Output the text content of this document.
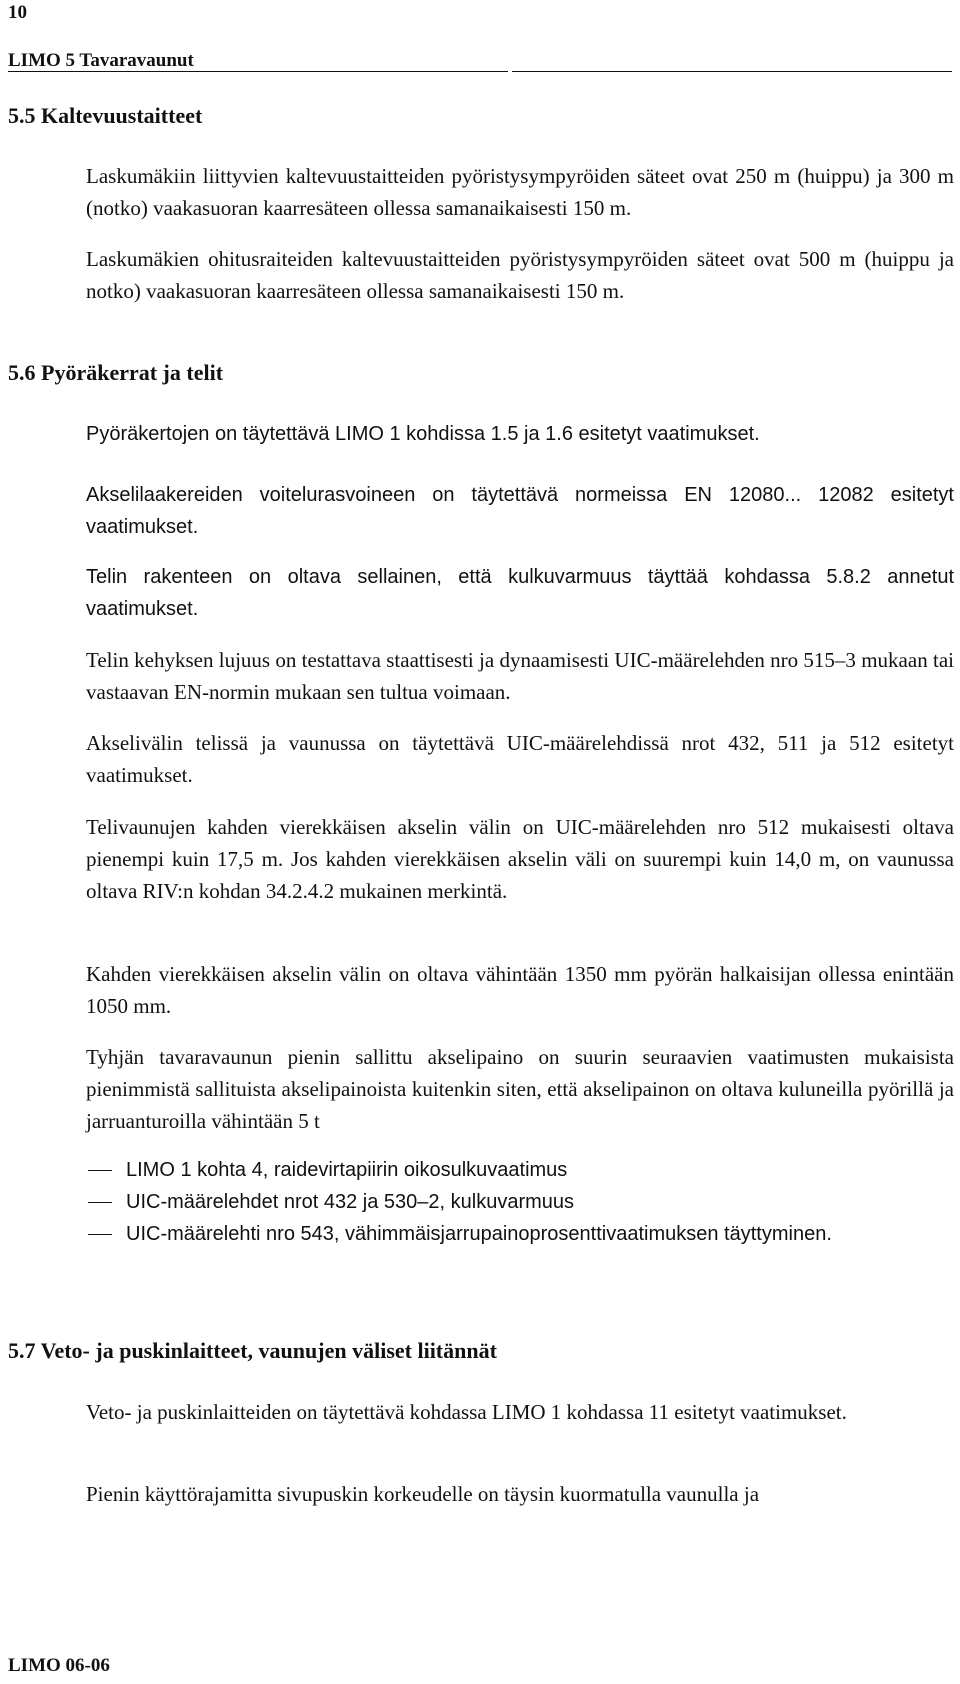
10
LIMO 5 Tavaravaunut
5.5 Kaltevuustaitteet

Laskumäkiin liittyvien kaltevuustaitteiden pyöristysympyröiden säteet ovat 250 m (huippu) ja 300 m (notko) vaakasuoran kaarresäteen ollessa samanaikaisesti 150 m.

Laskumäkien ohitusraiteiden kaltevuustaitteiden pyöristysympyröiden säteet ovat 500 m (huippu ja notko) vaakasuoran kaarresäteen ollessa samanaikaisesti 150 m.

5.6 Pyöräkerrat ja telit

Pyöräkertojen on täytettävä LIMO 1 kohdissa 1.5 ja 1.6 esitetyt vaatimukset.

Akselilaakereiden voitelurasvoineen on täytettävä normeissa EN 12080... 12082 esitetyt vaatimukset.

Telin rakenteen on oltava sellainen, että kulkuvarmuus täyttää kohdassa 5.8.2 annetut vaatimukset.

Telin kehyksen lujuus on testattava staattisesti ja dynaamisesti UIC-määrelehden nro 515–3 mukaan tai vastaavan EN-normin mukaan sen tultua voimaan.

Akselivälin telissä ja vaunussa on täytettävä UIC-määrelehdissä nrot 432, 511 ja 512 esitetyt vaatimukset.

Telivaunujen kahden vierekkäisen akselin välin on UIC-määrelehden nro 512 mukaisesti oltava pienempi kuin 17,5 m. Jos kahden vierekkäisen akselin väli on suurempi kuin 14,0 m, on vaunussa oltava RIV:n kohdan 34.2.4.2 mukainen merkintä.

Kahden vierekkäisen akselin välin on oltava vähintään 1350 mm pyörän halkaisijan ollessa enintään 1050 mm.

Tyhjän tavaravaunun pienin sallittu akselipaino on suurin seuraavien vaatimusten mukaisista pienimmistä sallituista akselipainoista kuitenkin siten, että akselipainon on oltava kuluneilla pyörillä ja jarruanturoilla vähintään 5 t

LIMO 1 kohta 4, raidevirtapiirin oikosulkuvaatimus
UIC-määrelehdet nrot 432 ja 530–2, kulkuvarmuus
UIC-määrelehti nro 543, vähimmäisjarrupainoprosenttivaatimuksen täyttyminen.
5.7 Veto- ja puskinlaitteet, vaunujen väliset liitännät

Veto- ja puskinlaitteiden on täytettävä kohdassa LIMO 1 kohdassa 11 esitetyt vaatimukset.

Pienin käyttörajamitta sivupuskin korkeudelle on täysin kuormatulla vaunulla ja

LIMO 06-06
